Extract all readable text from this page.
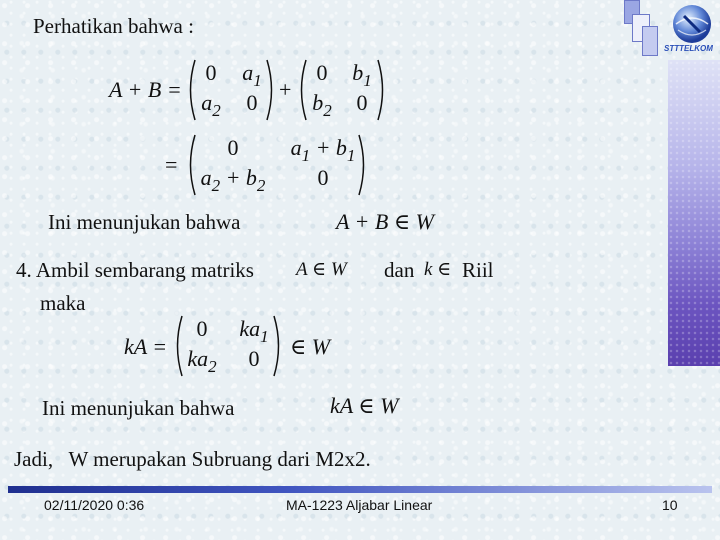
STTTELKOM
Perhatikan bahwa :
A + B =
0 $a_1$
$a_2$ 0
+
0 $b_1$
$b_2$ 0
=
0 $a_1 + b_1$
$a_2 + b_2$ 0
Ini menunjukan bahwa	A + B ∈ W
4. Ambil sembarang matriks A ∈ W dan k ∈ Riil
maka
kA =
0 $ka_1$
$ka_2$ 0 ∈ W
Ini menunjukan bahwa	kA ∈ W
Jadi,   W merupakan Subruang dari M2x2.
02/11/2020 0:36	MA-1223 Aljabar Linear	10
